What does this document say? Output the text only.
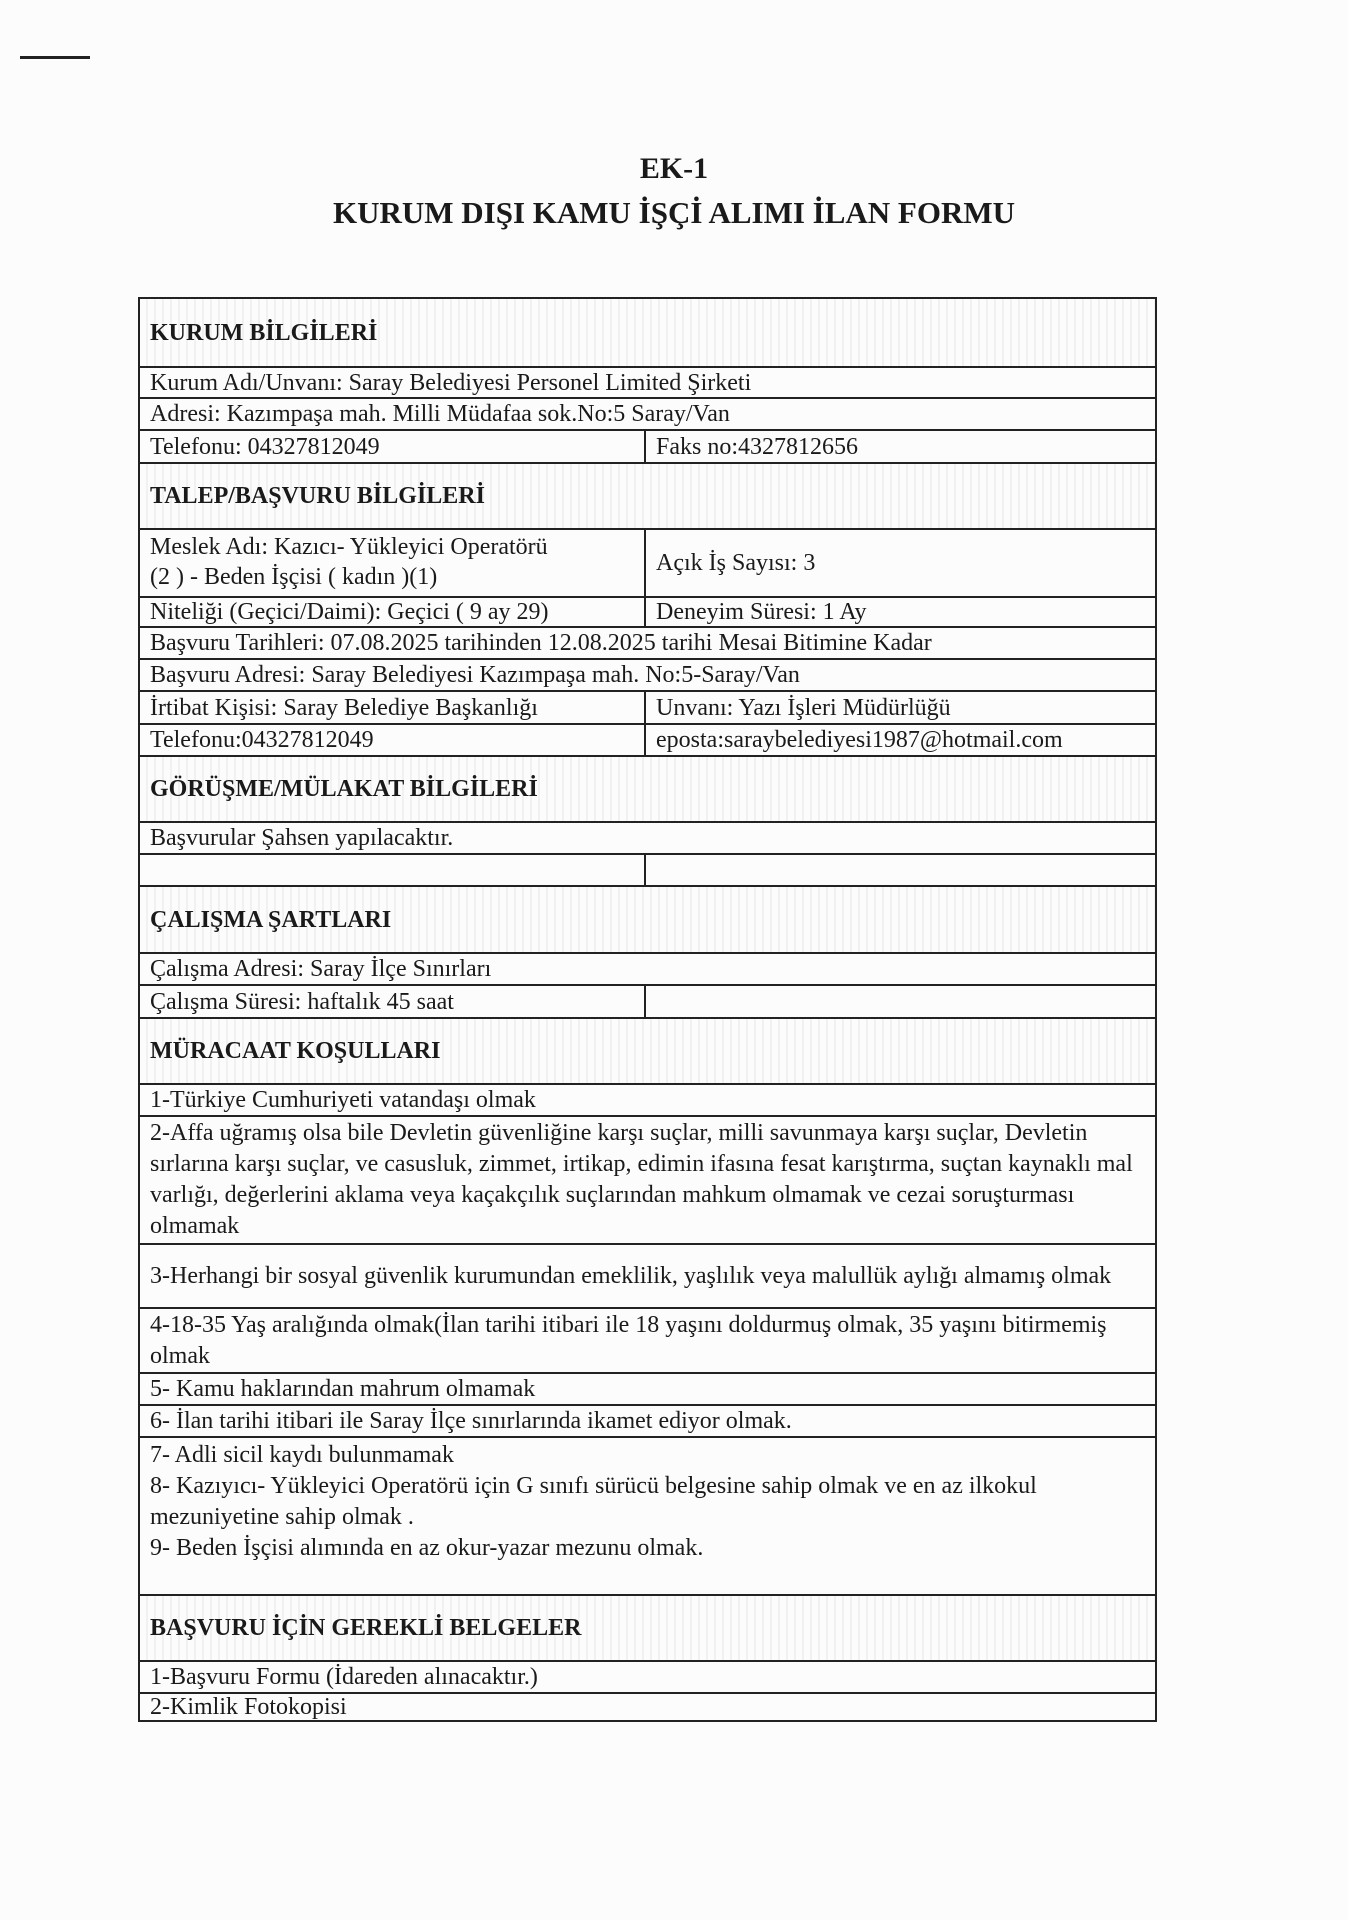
EK-1
KURUM DIŞI KAMU İŞÇİ ALIMI İLAN FORMU
KURUM BİLGİLERİ
Kurum Adı/Unvanı: Saray Belediyesi Personel Limited Şirketi
Adresi: Kazımpaşa mah. Milli Müdafaa sok.No:5 Saray/Van
Telefonu: 04327812049	Faks no:4327812656
TALEP/BAŞVURU BİLGİLERİ
Meslek Adı: Kazıcı- Yükleyici Operatörü
(2 ) - Beden İşçisi ( kadın )(1)
Açık İş Sayısı: 3
Niteliği (Geçici/Daimi): Geçici ( 9 ay 29)	Deneyim Süresi: 1 Ay
Başvuru Tarihleri: 07.08.2025 tarihinden 12.08.2025 tarihi Mesai Bitimine Kadar
Başvuru Adresi: Saray Belediyesi Kazımpaşa mah. No:5-Saray/Van
İrtibat Kişisi: Saray Belediye Başkanlığı	Unvanı: Yazı İşleri Müdürlüğü
Telefonu:04327812049	eposta:saraybelediyesi1987@hotmail.com
GÖRÜŞME/MÜLAKAT BİLGİLERİ
Başvurular Şahsen yapılacaktır.
ÇALIŞMA ŞARTLARI
Çalışma Adresi: Saray İlçe Sınırları
Çalışma Süresi: haftalık 45 saat
MÜRACAAT KOŞULLARI
1-Türkiye Cumhuriyeti vatandaşı olmak
2-Affa uğramış olsa bile Devletin güvenliğine karşı suçlar, milli savunmaya karşı suçlar, Devletin sırlarına karşı suçlar, ve casusluk, zimmet, irtikap, edimin ifasına fesat karıştırma, suçtan kaynaklı mal varlığı, değerlerini aklama veya kaçakçılık suçlarından mahkum olmamak ve cezai soruşturması olmamak
3-Herhangi bir sosyal güvenlik kurumundan emeklilik, yaşlılık veya malullük aylığı almamış olmak
4-18-35 Yaş aralığında olmak(İlan tarihi itibari ile 18 yaşını doldurmuş olmak, 35 yaşını bitirmemiş olmak
5- Kamu haklarından mahrum olmamak
6- İlan tarihi itibari ile Saray İlçe sınırlarında ikamet ediyor olmak.
7- Adli sicil kaydı bulunmamak
8- Kazıyıcı- Yükleyici Operatörü için G sınıfı sürücü belgesine sahip olmak ve en az ilkokul mezuniyetine sahip olmak .
9- Beden İşçisi alımında en az okur-yazar mezunu olmak.
BAŞVURU İÇİN GEREKLİ BELGELER
1-Başvuru Formu (İdareden alınacaktır.)
2-Kimlik Fotokopisi
